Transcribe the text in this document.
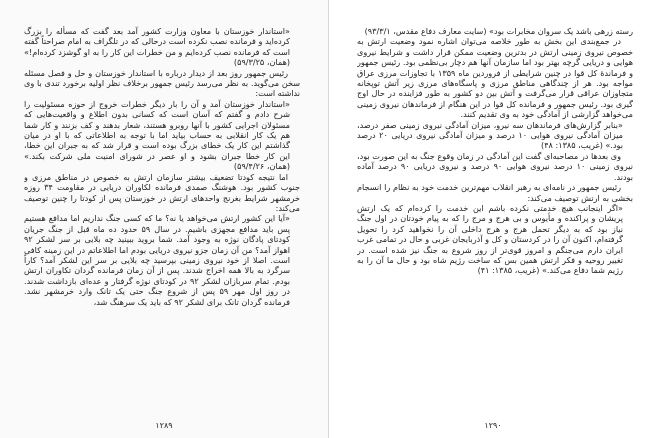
«استاندار خوزستان با معاون وزارت کشور آمد بعد گفت که مسأله را بزرگ کرده‌اید و فرمانده نصب نکرده است درحالی که در تلگراف به امام صراحتاً گفته است که فرمانده نصب کرده‌ایم و من خطرات این کار را به او گوشزد کرده‌ام!» (همان، ۵۹/۳/۲۵)

رئیس جمهور روز بعد از دیدار درباره با استاندار خوزستان و حل و فصل مسئله سخن می‌گوید. به نظر می‌رسد رئیس جمهور برخلاف نظر اولیه برخورد تندی با وی نداشته است:

«استاندار خوزستان آمد و آن را بار دیگر خطرات خروج از حوزه مسئولیت را شرح دادم و گفتم که آسان است که کسانی بدون اطلاع و واقعیت‌هایی که مسئولان اجرایی کشور با آنها روبرو هستند، شعار بدهند و کف بزنند و کار شما هم یک کار انقلابی به حساب بیاید اما با توجه به اطلاعاتی که با او در میان گذاشتم این کار یک خطای بزرگ بوده است و قرار شد که به جبران این خطا، این کار خطا جبران بشود و او عصر در شورای امنیت ملی شرکت بکند.» (همان، ۵۹/۴/۲۶)

اما نتیجه کودتا تضعیف بیشتر سازمان ارتش به خصوص در مناطق مرزی و جنوب کشور بود. هوشنگ صمدی فرمانده لکاوران دریایی در مقاومت ۳۴ روزه خرمشهر شرایط بغرنج واحدهای ارتش در خوزستان پس از کودتا را چنین توصیف می‌کند:

«آیا این کشور ارتش می‌خواهد یا نه؟ ما که کسی جنگ نداریم اما مدافع هستیم پس باید مدافع مجهزی باشیم. در سال ۵۹ حدود ده ماه قبل از جنگ جریان کودتای پادگان نوژه به وجود آمد. شما بروید ببینید چه بلایی بر سر لشکر ۹۲ اهواز آمد؟ من آن زمان جزو نیروی دریایی بودم اما اطلاعاتم در این زمینه کافی است. اصلا از خود نیروی زمینی بپرسید چه بلایی بر سر این لشکر آمد؟ کاراً سرگرد به بالا همه اخراج شدند. پس از آن زمان فرمانده گردان تکاوران ارتش بودم. تمام سربازان لشکر ۹۲ در کودتای نوژه گرفتار و عده‌ای بازداشت شدند. در روز اول مهر ۵۹ پس از شروع جنگ حتی یک تانک وارد خرمشهر نشد. فرمانده گردان تانک برای لشکر ۹۲ که باید یک سرهنگ شد،

۱۲۸۹

رسته زرهی باشد یک سروان مخابرات بود» (سایت معارف دفاع مقدس، ۹۳/۳/۱)

در جمع‌بندی این بخش به طور خلاصه می‌توان اشاره نمود وضعیت ارتش به خصوص نیروی زمینی ارتش در بدترین وضعیت ممکن قرار داشت و شرایط نیروی هوایی و دریایی گرچه بهتر بود اما سازمان آنها هم دچار بی‌نظمی بود. رئیس جمهور و فرماندهٔ کل قوا در چنین شرایطی از فروردین ماه ۱۳۵۹ با تجاوزات مرزی عراق مواجه بود. هر از چندگاهی مناطق مرزی و پاسگاه‌های مرزی زیر آتش توپخانه متجاوزان عراقی قرار می‌گرفت و آتش بین دو کشور به طور فزاینده در حال اوج گیری بود. رئیس جمهور و فرمانده کل قوا در این هنگام از فرماندهان نیروی زمینی می‌خواهد گزارشی از آمادگی خود به وی تقدیم کنند.

«بنابر گزارش‌های فرماندهان سه نیرو، میزان آمادگی نیروی زمینی صفر درصد، میزان آمادگی نیروی هوایی ۱۰ درصد و میزان آمادگی نیروی دریایی ۲۰ درصد بود.» (غریب، ۱۳۸۵: ۴۸)

وی بعدها در مصاحبه‌ای گفت این آمادگی در زمان وقوع جنگ به این صورت بود، نیروی زمینی ۱۰ درصد نیروی هوایی ۹۰ درصد و نیروی دریایی ۹۰ درصد آماده بودند.

رئیس جمهور در نامه‌ای به رهبر انقلاب مهم‌ترین خدمت خود به نظام را انسجام بخشی به ارتش توصیف می‌کند:

«اگر اینجانب هیچ خدمتی نکرده باشم این خدمت را کرده‌ام که یک ارتش پریشان و پراکنده و مأیوس و بی هرج و مرج را که به پیام خودتان در اول جنگ نیاز بود که به دیگر تحمل هرج و هرج داخلی آن را نخواهید کرد را تحویل گرفته‌ام، اکنون آن را در کردستان و کل و آذربایجان غربی و حال در تمامی غرب ایران دارم می‌جنگم و امروز قوی‌تر از روز شروع به جنگ نیز شده است. در تغییر روحیه و فکر ارتش همین بس که ساخت رژیم شاه بود و حال ما آن را به رژیم شما دفاع می‌کند.» (غریب، ۱۳۸۵: ۴۱)

۱۲۹۰
